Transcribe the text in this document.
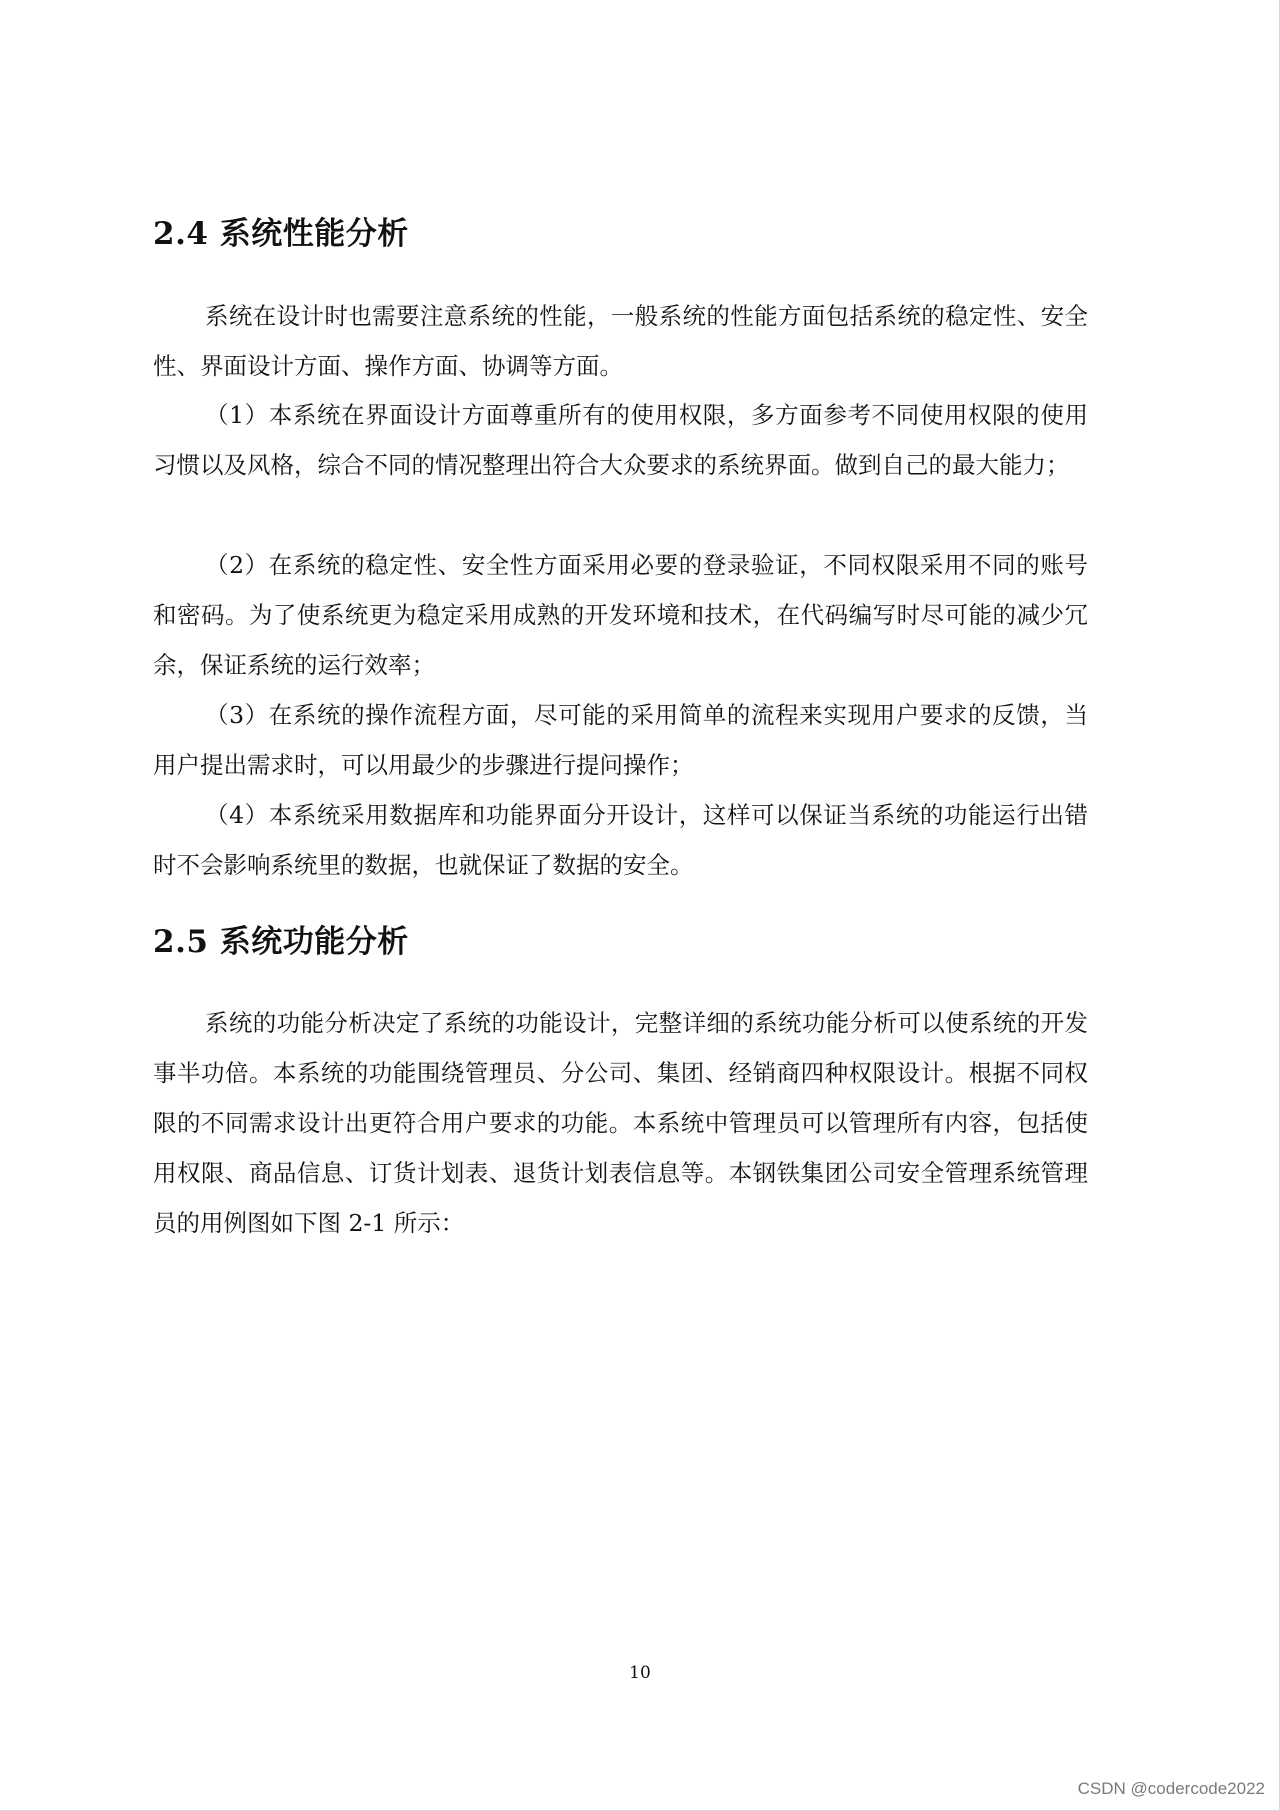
2.4 系统性能分析

系统在设计时也需要注意系统的性能，一般系统的性能方面包括系统的稳定性、安全性、界面设计方面、操作方面、协调等方面。

（1）本系统在界面设计方面尊重所有的使用权限，多方面参考不同使用权限的使用习惯以及风格，综合不同的情况整理出符合大众要求的系统界面。做到自己的最大能力；

（2）在系统的稳定性、安全性方面采用必要的登录验证，不同权限采用不同的账号和密码。为了使系统更为稳定采用成熟的开发环境和技术，在代码编写时尽可能的减少冗余，保证系统的运行效率；

（3）在系统的操作流程方面，尽可能的采用简单的流程来实现用户要求的反馈，当用户提出需求时，可以用最少的步骤进行提问操作；

（4）本系统采用数据库和功能界面分开设计，这样可以保证当系统的功能运行出错时不会影响系统里的数据，也就保证了数据的安全。

2.5 系统功能分析

系统的功能分析决定了系统的功能设计，完整详细的系统功能分析可以使系统的开发事半功倍。本系统的功能围绕管理员、分公司、集团、经销商四种权限设计。根据不同权限的不同需求设计出更符合用户要求的功能。本系统中管理员可以管理所有内容，包括使用权限、商品信息、订货计划表、退货计划表信息等。本钢铁集团公司安全管理系统管理员的用例图如下图 2-1 所示：

10
CSDN @codercode2022
